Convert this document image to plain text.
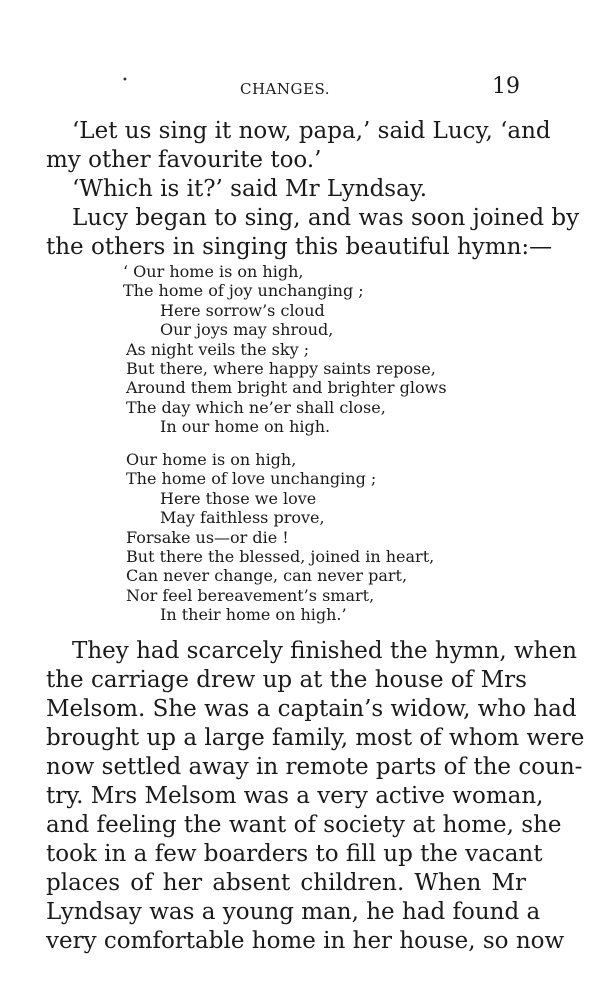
•	CHANGES.	19
‘Let us sing it now, papa,’ said Lucy, ‘and
my other favourite too.’
‘Which is it?’ said Mr Lyndsay.
Lucy began to sing, and was soon joined by
the others in singing this beautiful hymn:—
‘ Our home is on high,
The home of joy unchanging ;
Here sorrow’s cloud
Our joys may shroud,
As night veils the sky ;
But there, where happy saints repose,
Around them bright and brighter glows
The day which ne’er shall close,
In our home on high.
Our home is on high,
The home of love unchanging ;
Here those we love
May faithless prove,
Forsake us—or die !
But there the blessed, joined in heart,
Can never change, can never part,
Nor feel bereavement’s smart,
In their home on high.’
They had scarcely finished the hymn, when
the carriage drew up at the house of Mrs
Melsom. She was a captain’s widow, who had
brought up a large family, most of whom were
now settled away in remote parts of the coun-
try. Mrs Melsom was a very active woman,
and feeling the want of society at home, she
took in a few boarders to fill up the vacant
places of her absent children. When Mr
Lyndsay was a young man, he had found a
very comfortable home in her house, so now
